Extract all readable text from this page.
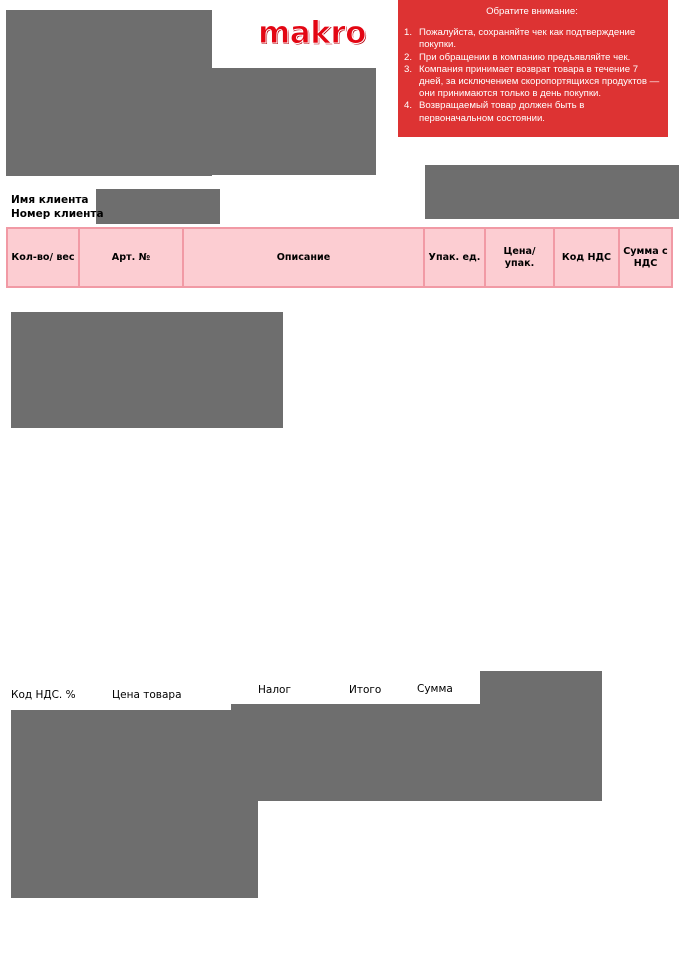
makro
Обратите внимание:
1. Пожалуйста, сохраняйте чек как подтверждение покупки.
2. При обращении в компанию предъявляйте чек.
3. Компания принимает возврат товара в течение 7 дней, за исключением скоропортящихся продуктов — они принимаются только в день покупки.
4. Возвращаемый товар должен быть в первоначальном состоянии.
Имя клиента
Номер клиента
Кол-во/ вес	Арт. №	Описание	Упак. ед.	Цена/ упак.	Код НДС	Сумма с НДС
Код НДС. %	Цена товара	Налог	Итого	Сумма
